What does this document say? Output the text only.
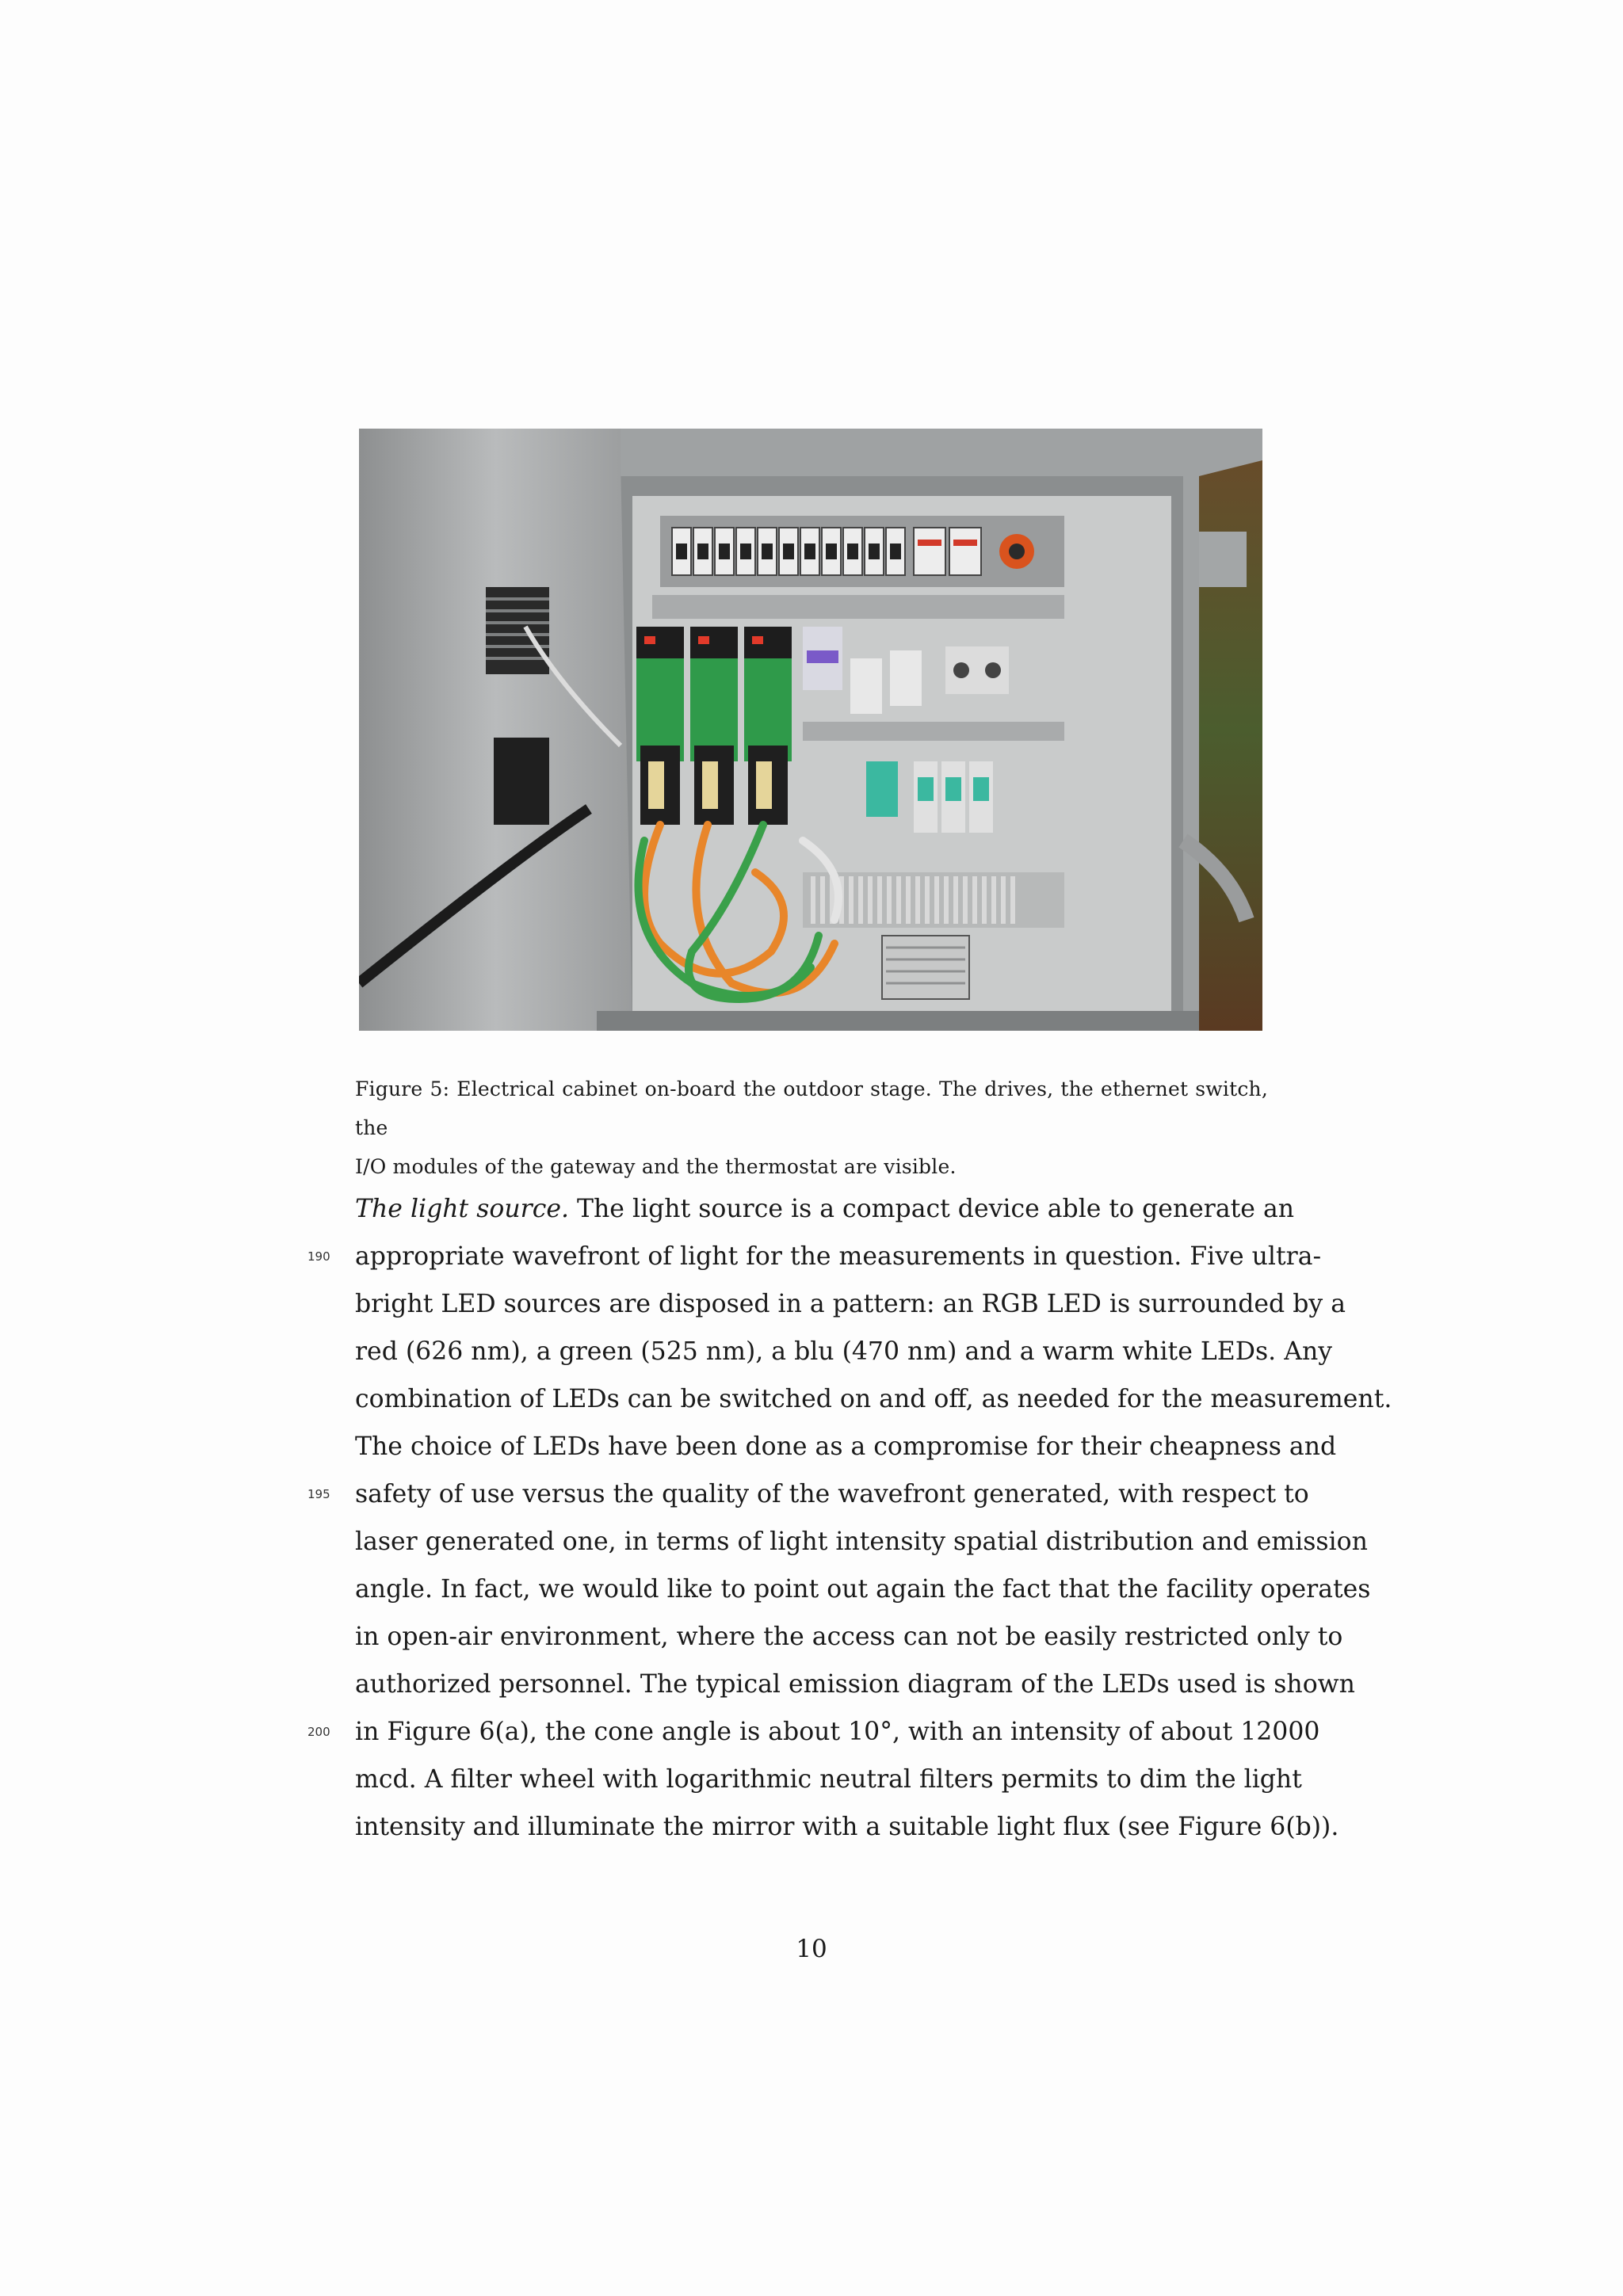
Figure 5: Electrical cabinet on-board the outdoor stage. The drives, the ethernet switch, the

I/O modules of the gateway and the thermostat are visible.

The light source. The light source is a compact device able to generate an
190 appropriate wavefront of light for the measurements in question. Five ultra-
bright LED sources are disposed in a pattern: an RGB LED is surrounded by a
red (626 nm), a green (525 nm), a blu (470 nm) and a warm white LEDs. Any
combination of LEDs can be switched on and off, as needed for the measurement.
The choice of LEDs have been done as a compromise for their cheapness and
195 safety of use versus the quality of the wavefront generated, with respect to
laser generated one, in terms of light intensity spatial distribution and emission
angle. In fact, we would like to point out again the fact that the facility operates
in open-air environment, where the access can not be easily restricted only to
authorized personnel. The typical emission diagram of the LEDs used is shown
200 in Figure 6(a), the cone angle is about 10°, with an intensity of about 12000
mcd. A filter wheel with logarithmic neutral filters permits to dim the light
intensity and illuminate the mirror with a suitable light flux (see Figure 6(b)).
10
